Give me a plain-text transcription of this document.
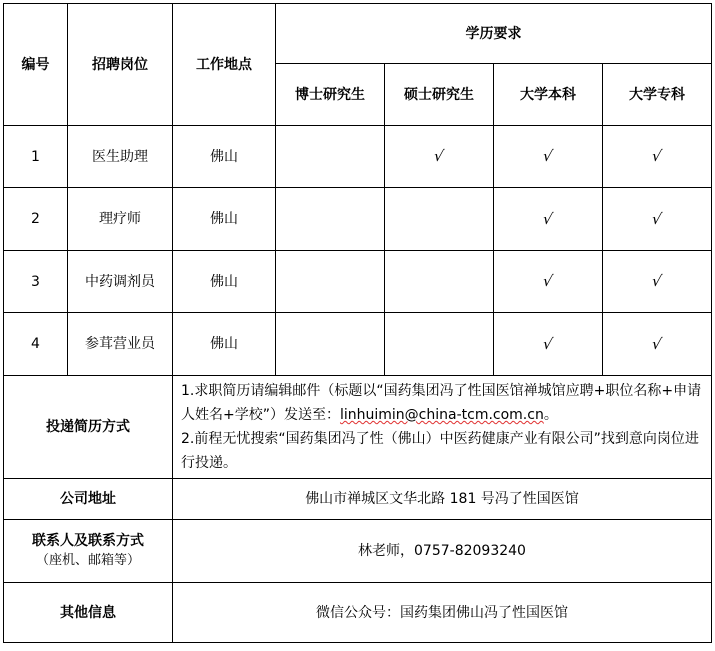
编号	招聘岗位	工作地点	学历要求			
			博士研究生	硕士研究生	大学本科	大学专科
1	医生助理	佛山		√	√	√
2	理疗师	佛山			√	√
3	中药调剂员	佛山			√	√
4	参茸营业员	佛山			√	√
投递简历方式		1.求职简历请编辑邮件（标题以“国药集团冯了性国医馆禅城馆应聘+职位名称+申请人姓名+学校”）发送至：linhuimin@china-tcm.com.cn。
2.前程无忧搜索“国药集团冯了性（佛山）中医药健康产业有限公司”找到意向岗位进行投递。				

公司地址		佛山市禅城区文华北路 181 号冯了性国医馆				
联系人及联系方式
（座机、邮箱等）		林老师，0757-82093240				
其他信息		微信公众号：国药集团佛山冯了性国医馆				
